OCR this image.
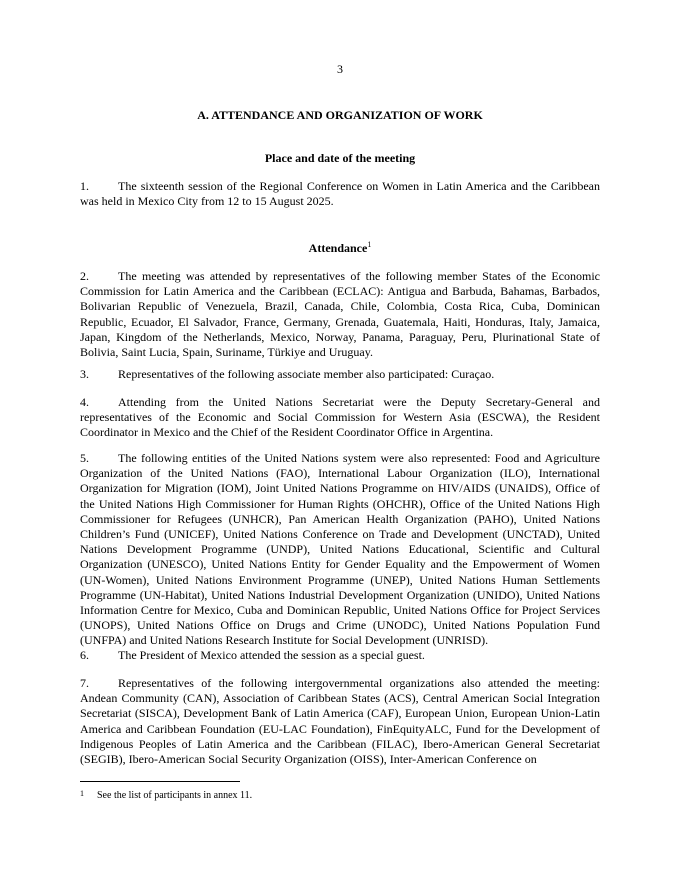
3
A. ATTENDANCE AND ORGANIZATION OF WORK
Place and date of the meeting
1. The sixteenth session of the Regional Conference on Women in Latin America and the Caribbean was held in Mexico City from 12 to 15 August 2025.
Attendance$^1$
2. The meeting was attended by representatives of the following member States of the Economic Commission for Latin America and the Caribbean (ECLAC): Antigua and Barbuda, Bahamas, Barbados, Bolivarian Republic of Venezuela, Brazil, Canada, Chile, Colombia, Costa Rica, Cuba, Dominican Republic, Ecuador, El Salvador, France, Germany, Grenada, Guatemala, Haiti, Honduras, Italy, Jamaica, Japan, Kingdom of the Netherlands, Mexico, Norway, Panama, Paraguay, Peru, Plurinational State of Bolivia, Saint Lucia, Spain, Suriname, Türkiye and Uruguay.
3. Representatives of the following associate member also participated: Curaçao.
4. Attending from the United Nations Secretariat were the Deputy Secretary-General and representatives of the Economic and Social Commission for Western Asia (ESCWA), the Resident Coordinator in Mexico and the Chief of the Resident Coordinator Office in Argentina.
5. The following entities of the United Nations system were also represented: Food and Agriculture Organization of the United Nations (FAO), International Labour Organization (ILO), International Organization for Migration (IOM), Joint United Nations Programme on HIV/AIDS (UNAIDS), Office of the United Nations High Commissioner for Human Rights (OHCHR), Office of the United Nations High Commissioner for Refugees (UNHCR), Pan American Health Organization (PAHO), United Nations Children’s Fund (UNICEF), United Nations Conference on Trade and Development (UNCTAD), United Nations Development Programme (UNDP), United Nations Educational, Scientific and Cultural Organization (UNESCO), United Nations Entity for Gender Equality and the Empowerment of Women (UN-Women), United Nations Environment Programme (UNEP), United Nations Human Settlements Programme (UN-Habitat), United Nations Industrial Development Organization (UNIDO), United Nations Information Centre for Mexico, Cuba and Dominican Republic, United Nations Office for Project Services (UNOPS), United Nations Office on Drugs and Crime (UNODC), United Nations Population Fund (UNFPA) and United Nations Research Institute for Social Development (UNRISD).
6. The President of Mexico attended the session as a special guest.
7. Representatives of the following intergovernmental organizations also attended the meeting: Andean Community (CAN), Association of Caribbean States (ACS), Central American Social Integration Secretariat (SISCA), Development Bank of Latin America (CAF), European Union, European Union-Latin America and Caribbean Foundation (EU-LAC Foundation), FinEquityALC, Fund for the Development of Indigenous Peoples of Latin America and the Caribbean (FILAC), Ibero-American General Secretariat (SEGIB), Ibero-American Social Security Organization (OISS), Inter-American Conference on
1 See the list of participants in annex 11.
